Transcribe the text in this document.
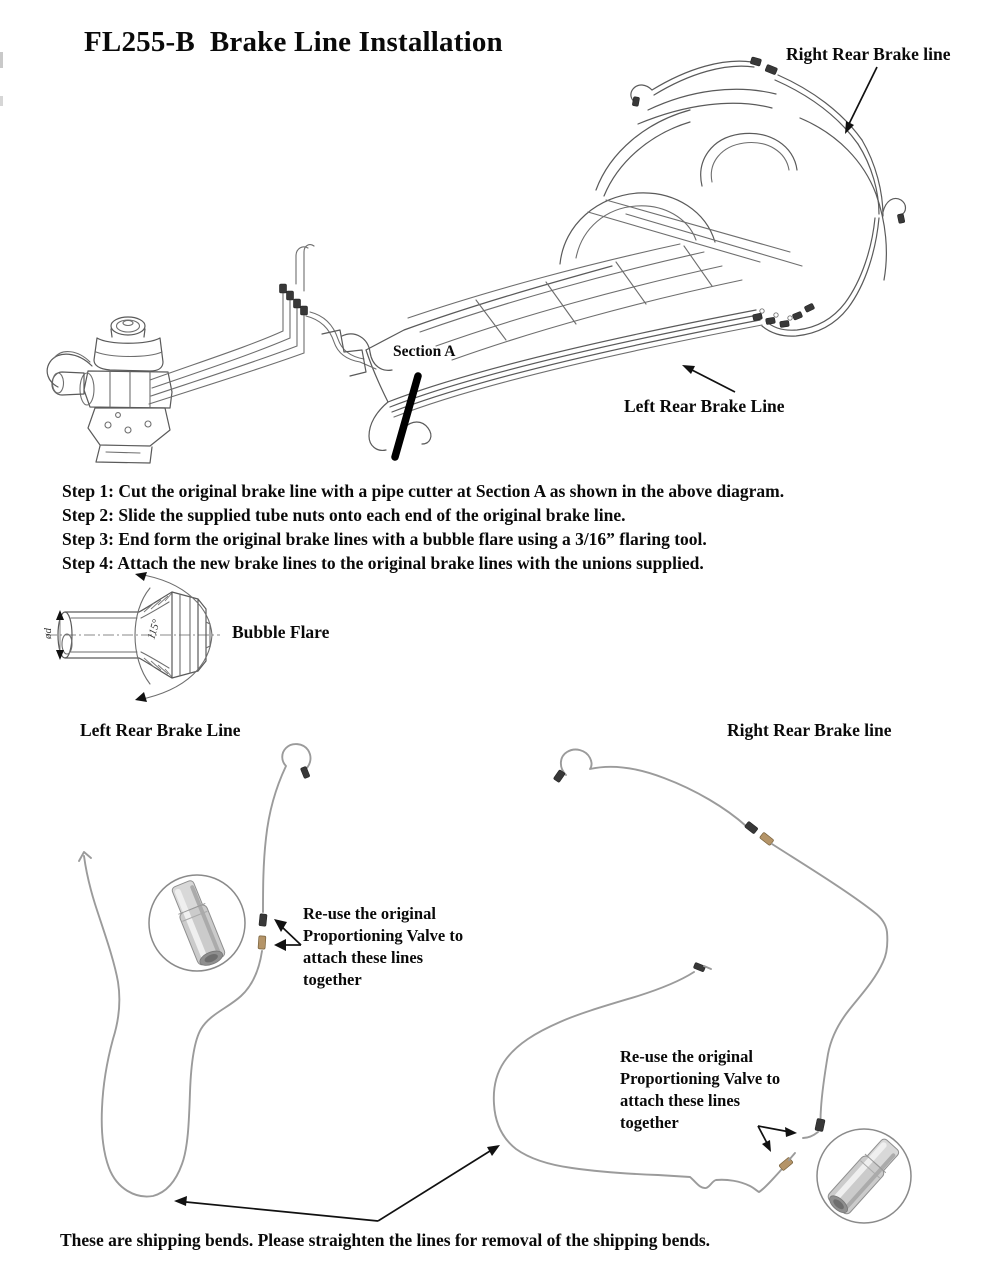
FL255-B  Brake Line Installation	Right Rear Brake line
Section A
Left Rear Brake Line
Step 1: Cut the original brake line with a pipe cutter at Section A as shown in the above diagram.
Step 2: Slide the supplied tube nuts onto each end of the original brake line.
Step 3: End form the original brake lines with a bubble flare using a 3/16” flaring tool.
Step 4: Attach the new brake lines to the original brake lines with the unions supplied.
ød	115°	Bubble Flare
Left Rear Brake Line	Right Rear Brake line
Re-use the original Proportioning Valve to attach these lines together
Re-use the original Proportioning Valve to attach these lines together
These are shipping bends. Please straighten the lines for removal of the shipping bends.
